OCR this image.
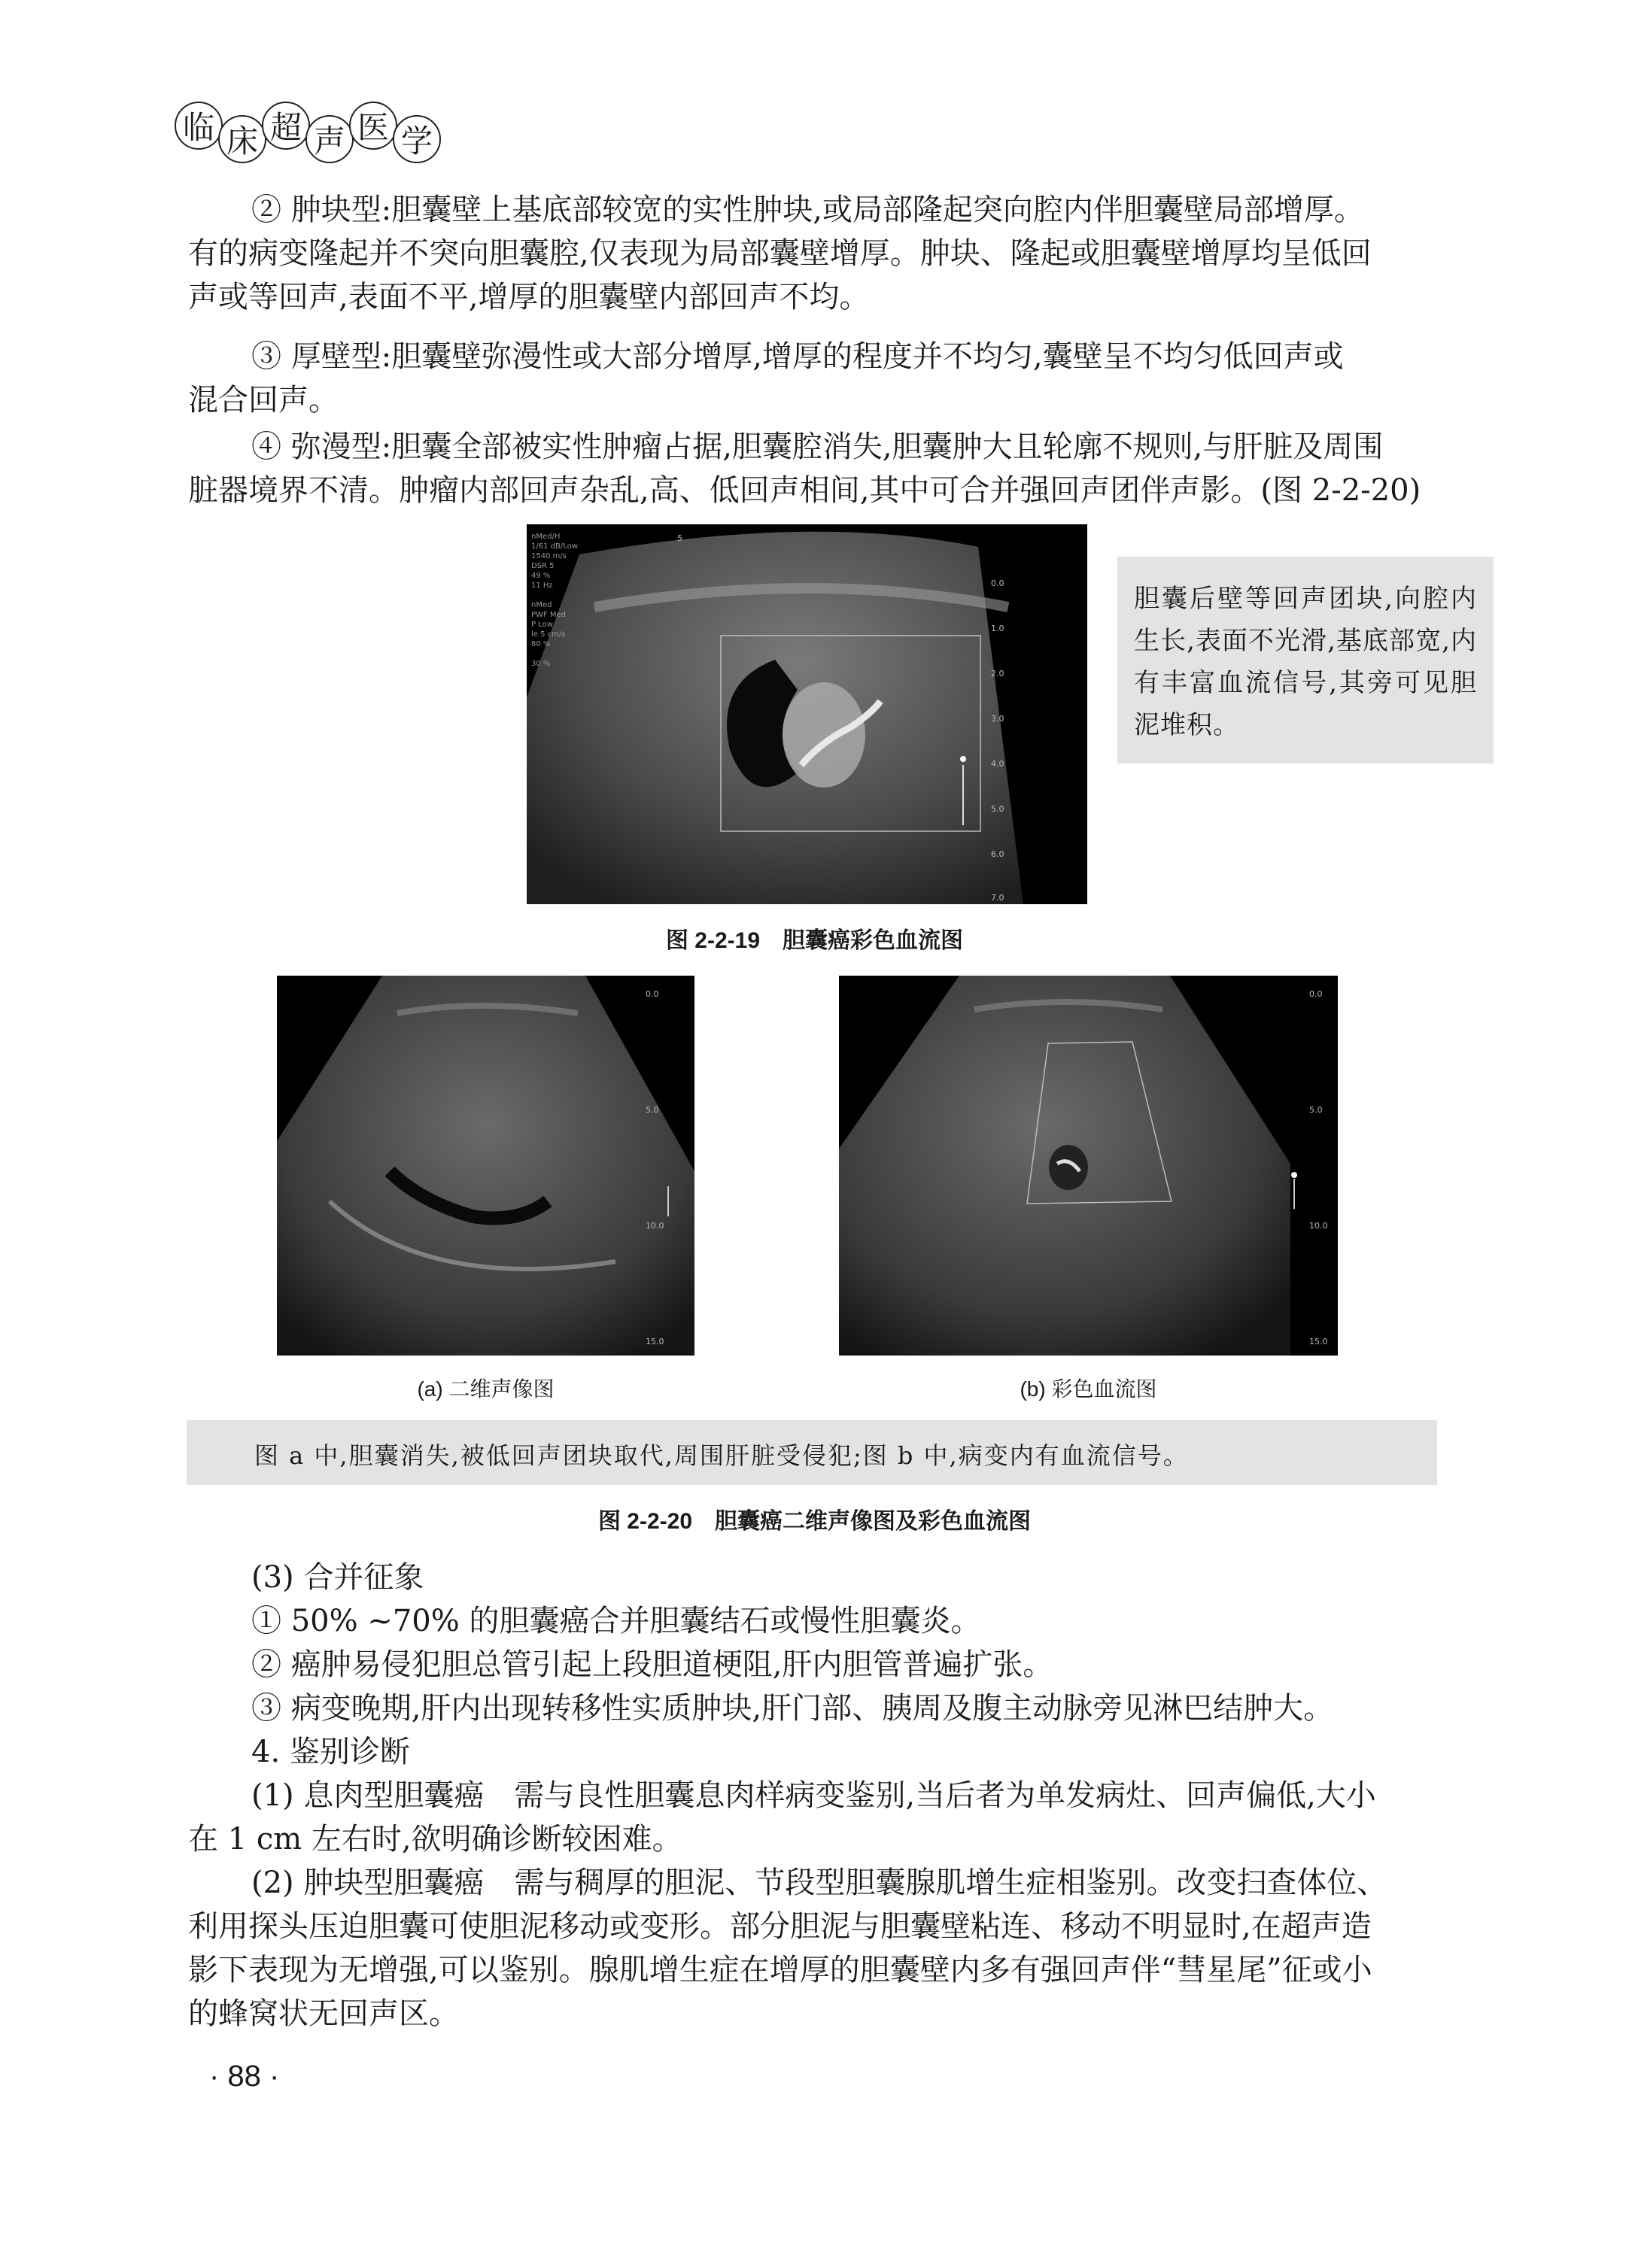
临 床 超 声 医 学
② 肿块型:胆囊壁上基底部较宽的实性肿块,或局部隆起突向腔内伴胆囊壁局部增厚。
有的病变隆起并不突向胆囊腔,仅表现为局部囊壁增厚。肿块、隆起或胆囊壁增厚均呈低回
声或等回声,表面不平,增厚的胆囊壁内部回声不均。
③ 厚壁型:胆囊壁弥漫性或大部分增厚,增厚的程度并不均匀,囊壁呈不均匀低回声或
混合回声。
④ 弥漫型:胆囊全部被实性肿瘤占据,胆囊腔消失,胆囊肿大且轮廓不规则,与肝脏及周围
脏器境界不清。肿瘤内部回声杂乱,高、低回声相间,其中可合并强回声团伴声影。(图 2-2-20)
nMed/H
1/61 dB/Low
1540 m/s
DSR 5
49 %
11 Hz
nMed
PWF Med
P Low
le 5 cm/s
80 %
30 %
5
0.0
1.0
2.0
3.0
4.0
5.0
6.0
7.0
胆囊后壁等回声团块,向腔内生长,表面不光滑,基底部宽,内有丰富血流信号,其旁可见胆泥堆积。
图 2-2-19　胆囊癌彩色血流图
0.0
5.0
10.0
15.0
(a) 二维声像图
0.0
5.0
10.0
15.0
(b) 彩色血流图
图 a 中,胆囊消失,被低回声团块取代,周围肝脏受侵犯;图 b 中,病变内有血流信号。
图 2-2-20　胆囊癌二维声像图及彩色血流图
(3) 合并征象
① 50% ~70% 的胆囊癌合并胆囊结石或慢性胆囊炎。
② 癌肿易侵犯胆总管引起上段胆道梗阻,肝内胆管普遍扩张。
③ 病变晚期,肝内出现转移性实质肿块,肝门部、胰周及腹主动脉旁见淋巴结肿大。
4. 鉴别诊断
(1) 息肉型胆囊癌　需与良性胆囊息肉样病变鉴别,当后者为单发病灶、回声偏低,大小
在 1 cm 左右时,欲明确诊断较困难。
(2) 肿块型胆囊癌　需与稠厚的胆泥、节段型胆囊腺肌增生症相鉴别。改变扫查体位、
利用探头压迫胆囊可使胆泥移动或变形。部分胆泥与胆囊壁粘连、移动不明显时,在超声造
影下表现为无增强,可以鉴别。腺肌增生症在增厚的胆囊壁内多有强回声伴“彗星尾”征或小
的蜂窝状无回声区。
· 88 ·
